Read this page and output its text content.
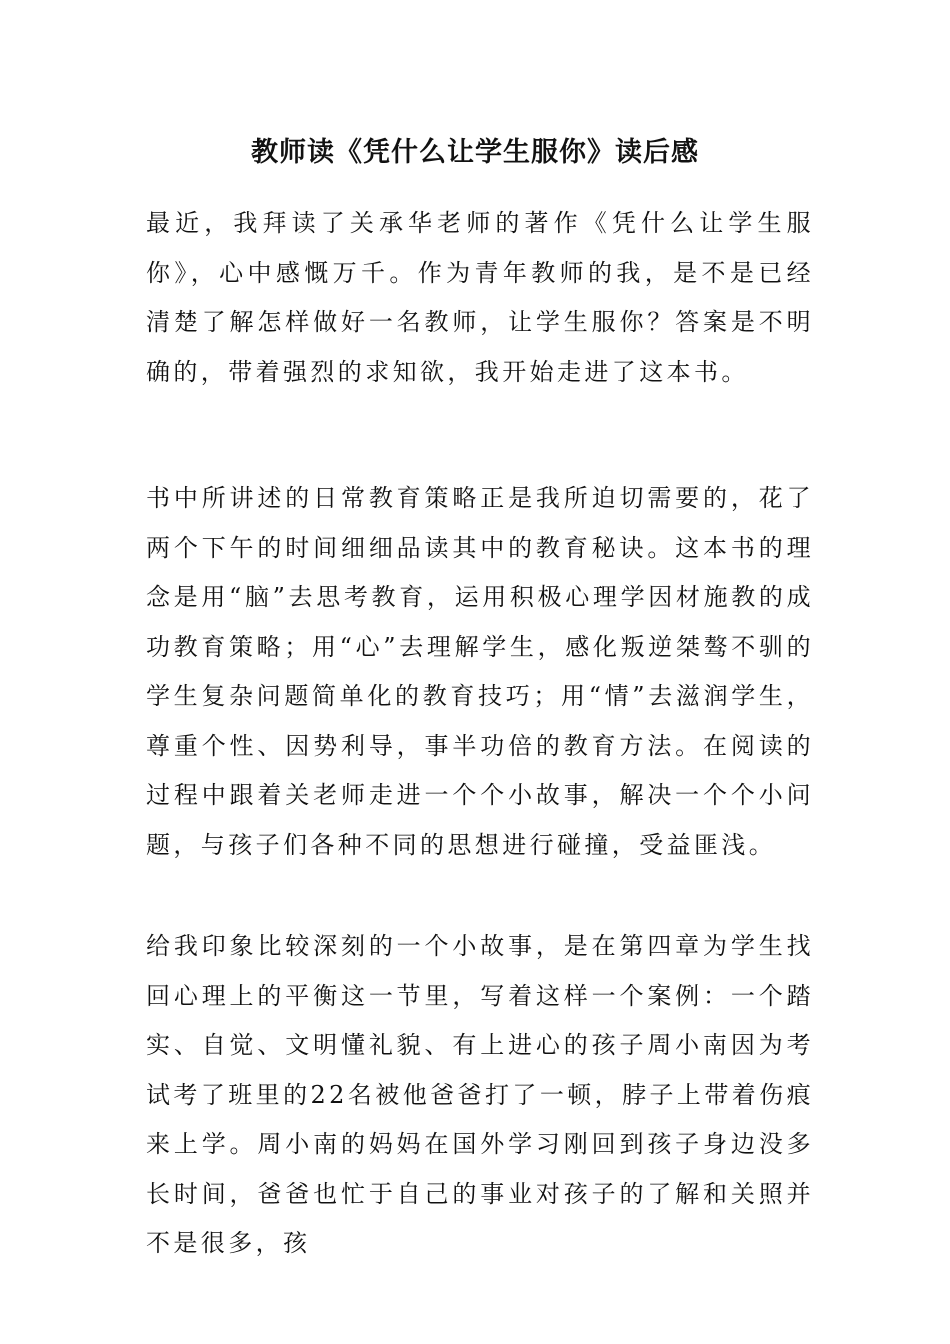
教师读《凭什么让学生服你》读后感

最近，我拜读了关承华老师的著作《凭什么让学生服你》，心中感慨万千。作为青年教师的我，是不是已经清楚了解怎样做好一名教师，让学生服你？答案是不明确的，带着强烈的求知欲，我开始走进了这本书。

书中所讲述的日常教育策略正是我所迫切需要的，花了两个下午的时间细细品读其中的教育秘诀。这本书的理念是用“脑”去思考教育，运用积极心理学因材施教的成功教育策略；用“心”去理解学生，感化叛逆桀骜不驯的学生复杂问题简单化的教育技巧；用“情”去滋润学生，尊重个性、因势利导，事半功倍的教育方法。在阅读的过程中跟着关老师走进一个个小故事，解决一个个小问题，与孩子们各种不同的思想进行碰撞，受益匪浅。

给我印象比较深刻的一个小故事，是在第四章为学生找回心理上的平衡这一节里，写着这样一个案例：一个踏实、自觉、文明懂礼貌、有上进心的孩子周小南因为考试考了班里的22名被他爸爸打了一顿，脖子上带着伤痕来上学。周小南的妈妈在国外学习刚回到孩子身边没多长时间，爸爸也忙于自己的事业对孩子的了解和关照并不是很多，孩
